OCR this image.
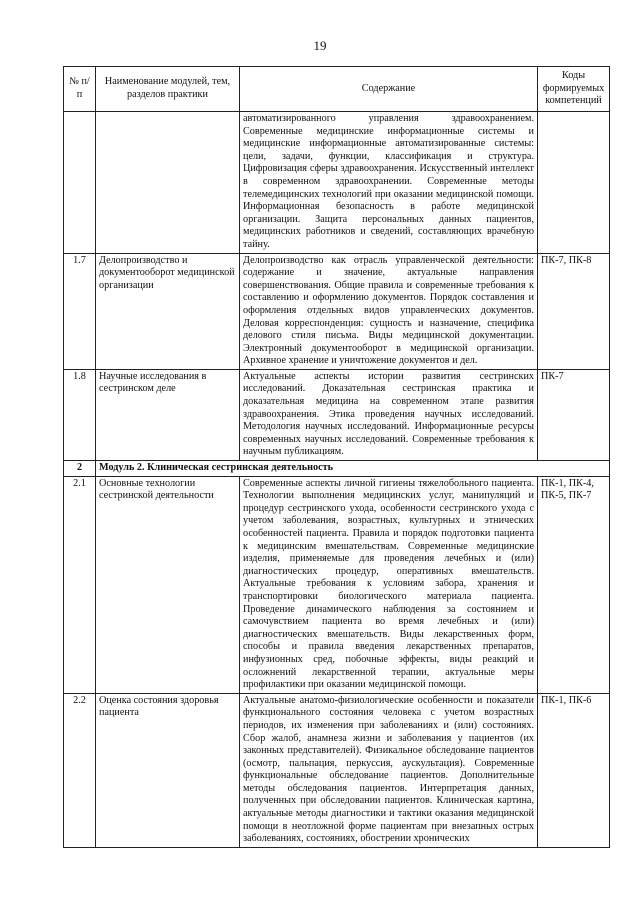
19
№ п/п	Наименование модулей, тем, разделов практики	Содержание	Коды формируемых компетенций
		автоматизированного управления здравоохранением. Современные медицинские информационные системы и медицинские информационные автоматизированные системы: цели, задачи, функции, классификация и структура. Цифровизация сферы здравоохранения. Искусственный интеллект в современном здравоохранении. Современные методы телемедицинских технологий при оказании медицинской помощи. Информационная безопасность в работе медицинской организации. Защита персональных данных пациентов, медицинских работников и сведений, составляющих врачебную тайну.	
1.7	Делопроизводство и документооборот медицинской организации	Делопроизводство как отрасль управленческой деятельности: содержание и значение, актуальные направления совершенствования. Общие правила и современные требования к составлению и оформлению документов. Порядок составления и оформления отдельных видов управленческих документов. Деловая корреспонденция: сущность и назначение, специфика делового стиля письма. Виды медицинской документации. Электронный документооборот в медицинской организации. Архивное хранение и уничтожение документов и дел.	ПК-7, ПК-8
1.8	Научные исследования в сестринском деле	Актуальные аспекты истории развития сестринских исследований. Доказательная сестринская практика и доказательная медицина на современном этапе развития здравоохранения. Этика проведения научных исследований. Методология научных исследований. Информационные ресурсы современных научных исследований. Современные требования к научным публикациям.	ПК-7
2	Модуль 2. Клиническая сестринская деятельность		
2.1	Основные технологии сестринской деятельности	Современные аспекты личной гигиены тяжелобольного пациента. Технологии выполнения медицинских услуг, манипуляций и процедур сестринского ухода, особенности сестринского ухода с учетом заболевания, возрастных, культурных и этнических особенностей пациента. Правила и порядок подготовки пациента к медицинским вмешательствам. Современные медицинские изделия, применяемые для проведения лечебных и (или) диагностических процедур, оперативных вмешательств. Актуальные требования к условиям забора, хранения и транспортировки биологического материала пациента. Проведение динамического наблюдения за состоянием и самочувствием пациента во время лечебных и (или) диагностических вмешательств. Виды лекарственных форм, способы и правила введения лекарственных препаратов, инфузионных сред, побочные эффекты, виды реакций и осложнений лекарственной терапии, актуальные меры профилактики при оказании медицинской помощи.	ПК-1, ПК-4, ПК-5, ПК-7
2.2	Оценка состояния здоровья пациента	Актуальные анатомо-физиологические особенности и показатели функционального состояния человека с учетом возрастных периодов, их изменения при заболеваниях и (или) состояниях. Сбор жалоб, анамнеза жизни и заболевания у пациентов (их законных представителей). Физикальное обследование пациентов (осмотр, пальпация, перкуссия, аускультация). Современные функциональные обследование пациентов. Дополнительные методы обследования пациентов. Интерпретация данных, полученных при обследовании пациентов. Клиническая картина, актуальные методы диагностики и тактики оказания медицинской помощи в неотложной форме пациентам при внезапных острых заболеваниях, состояниях, обострении хронических	ПК-1, ПК-6
